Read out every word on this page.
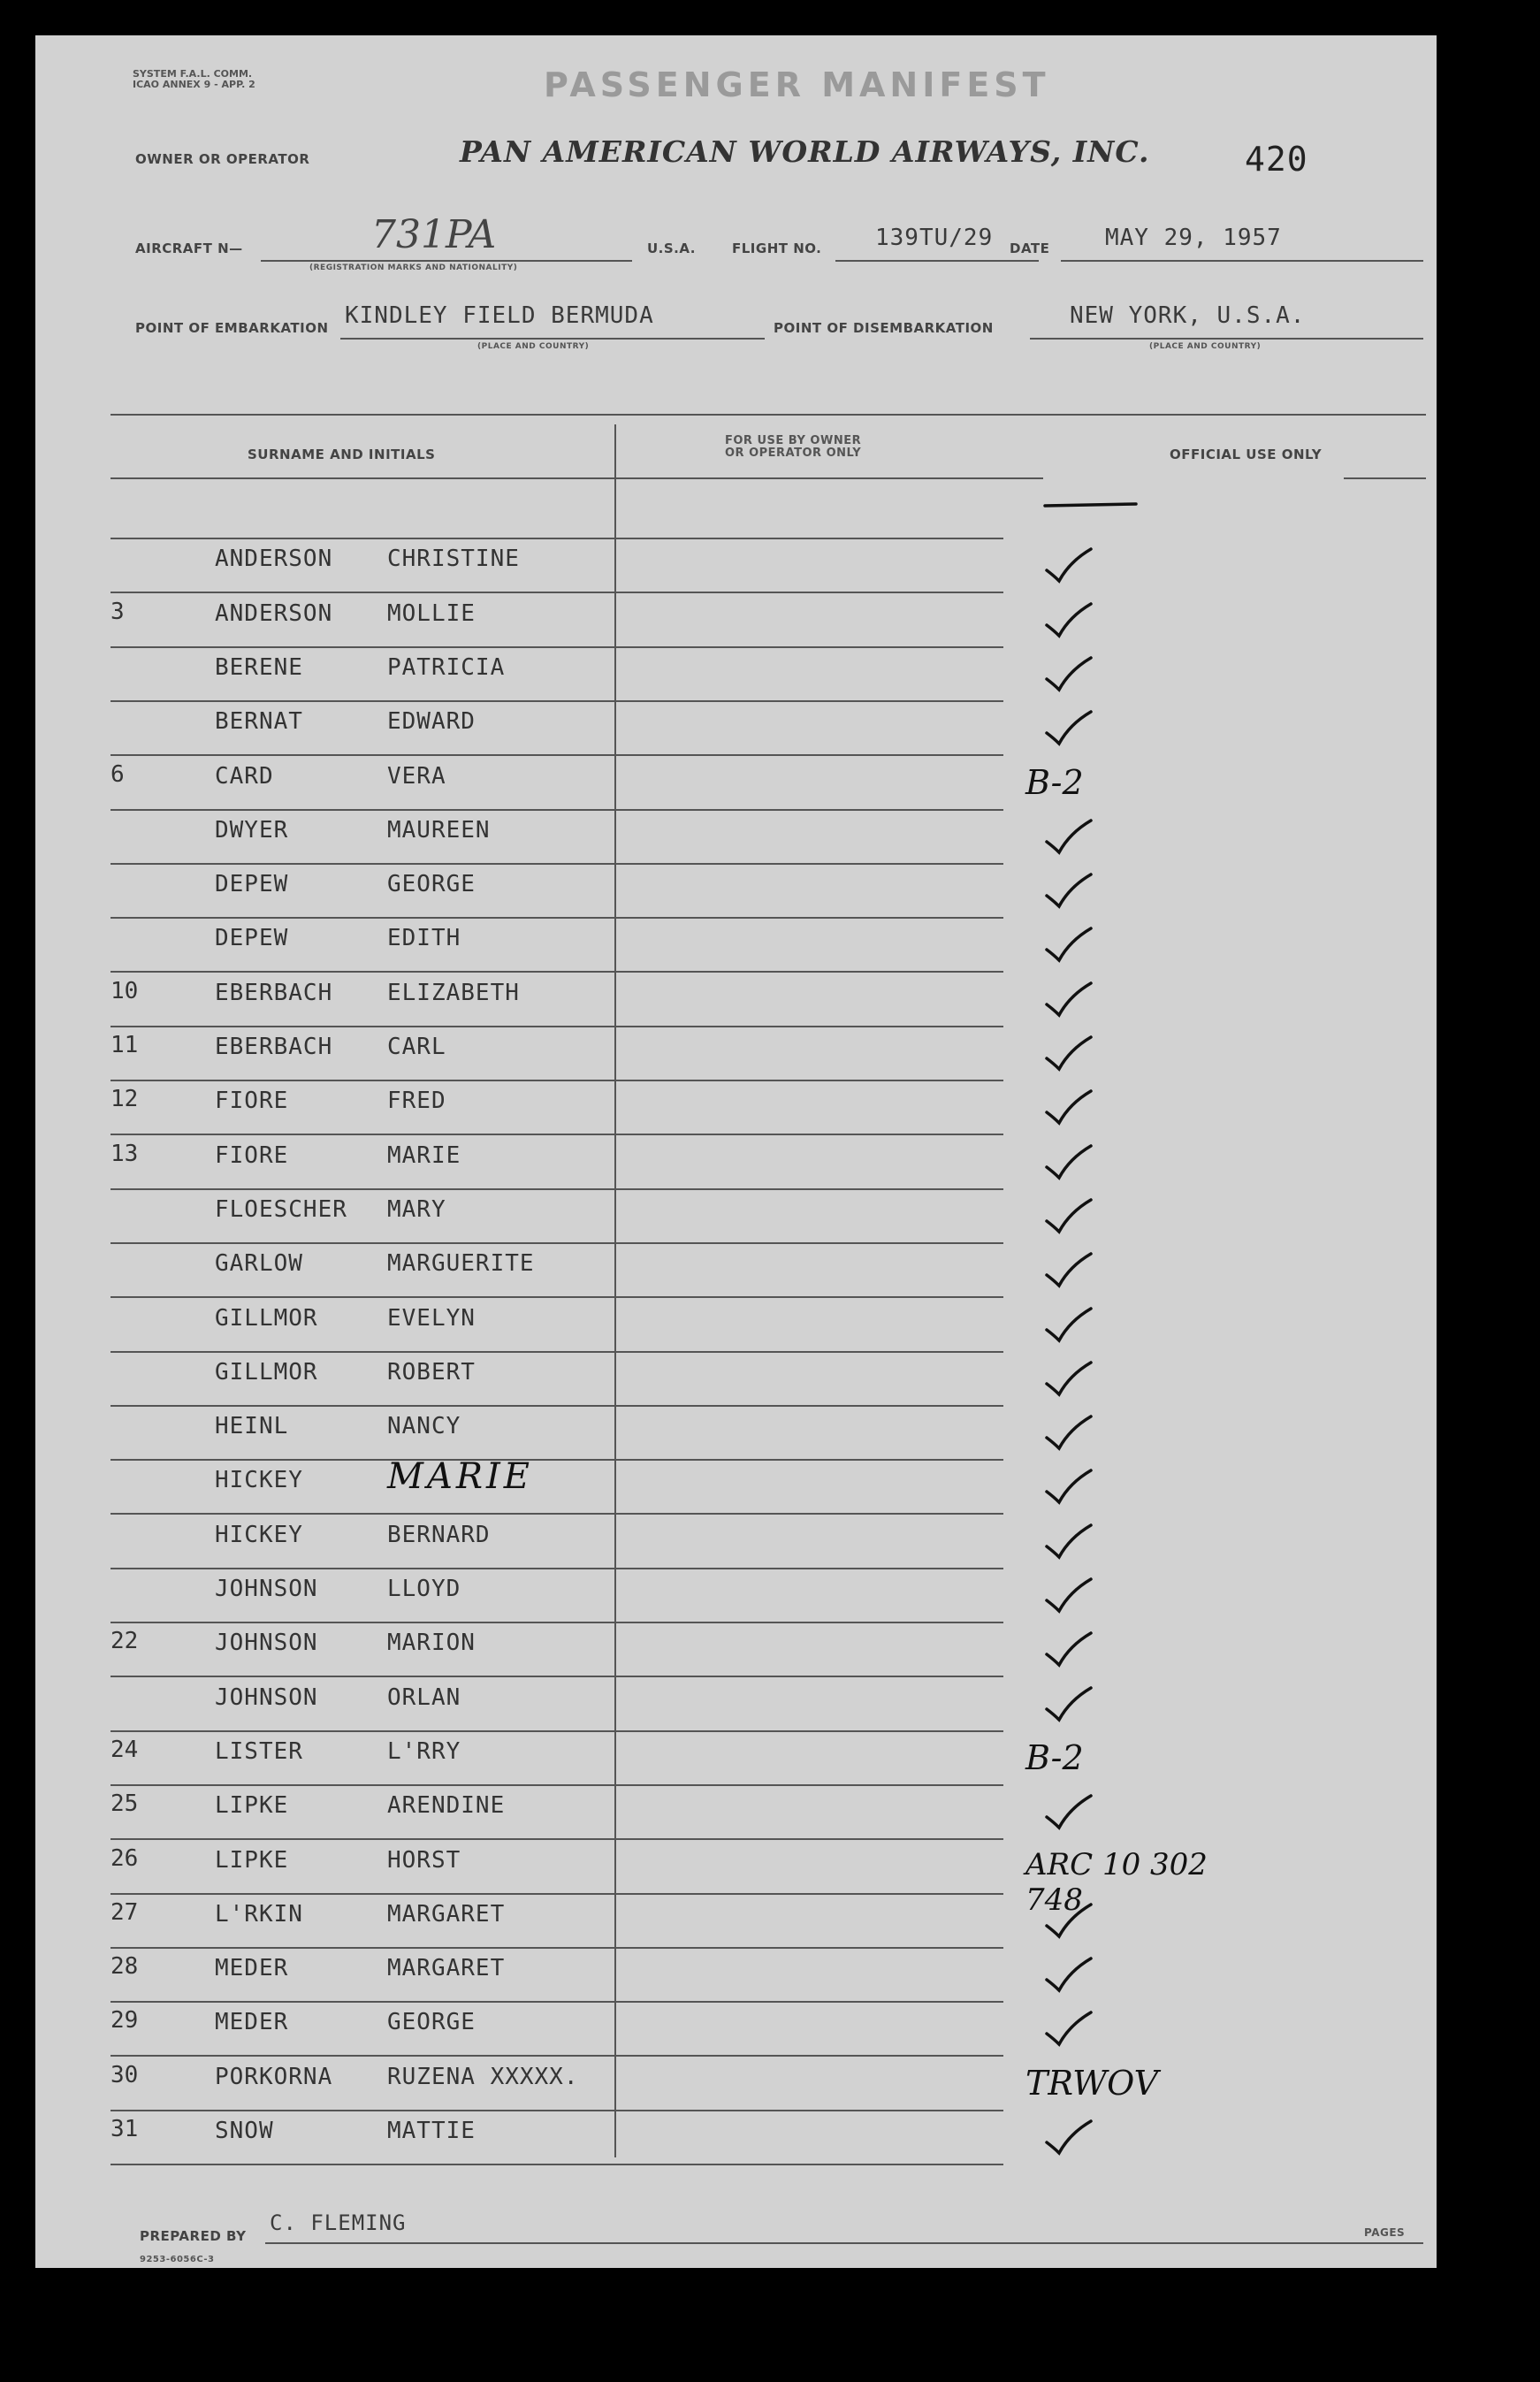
SYSTEM F.A.L. COMM.
ICAO ANNEX 9 - APP. 2	PASSENGER MANIFEST
OWNER OR OPERATOR	PAN AMERICAN WORLD AIRWAYS, INC.	420
AIRCRAFT N—	731PA
(REGISTRATION MARKS AND NATIONALITY)
U.S.A.	FLIGHT NO. 139TU/29 DATE MAY 29, 1957
POINT OF EMBARKATION KINDLEY FIELD BERMUDA
(PLACE AND COUNTRY)
POINT OF DISEMBARKATION	NEW YORK, U.S.A.
(PLACE AND COUNTRY)
SURNAME AND INITIALS
FOR USE BY OWNER
OR OPERATOR ONLY	OFFICIAL USE ONLY
ANDERSON CHRISTINE
3	ANDERSON MOLLIE
BERENE	PATRICIA
BERNAT	EDWARD
6	CARD	VERA	B-2
DWYER	MAUREEN
DEPEW	GEORGE
DEPEW	EDITH
10	EBERBACH ELIZABETH
11	EBERBACH CARL
12	FIORE	FRED
13	FIORE	MARIE
FLOESCHER MARY
GARLOW	MARGUERITE
GILLMOR	EVELYN
GILLMOR	ROBERT
HEINL	NANCY
HICKEY MARIE
HICKEY	BERNARD
JOHNSON	LLOYD
22	JOHNSON	MARION
JOHNSON	ORLAN
24	LISTER	L'RRY	B-2
25	LIPKE	ARENDINE
26	LIPKE	HORST	ARC 10 302 748
27	L'RKIN	MARGARET
28	MEDER	MARGARET
29	MEDER	GEORGE
30	PORKORNA RUZENA XXXXX.	TRWOV
31	SNOW	MATTIE
PREPARED BY
C. FLEMING
9253-6056C-3
PAGES
